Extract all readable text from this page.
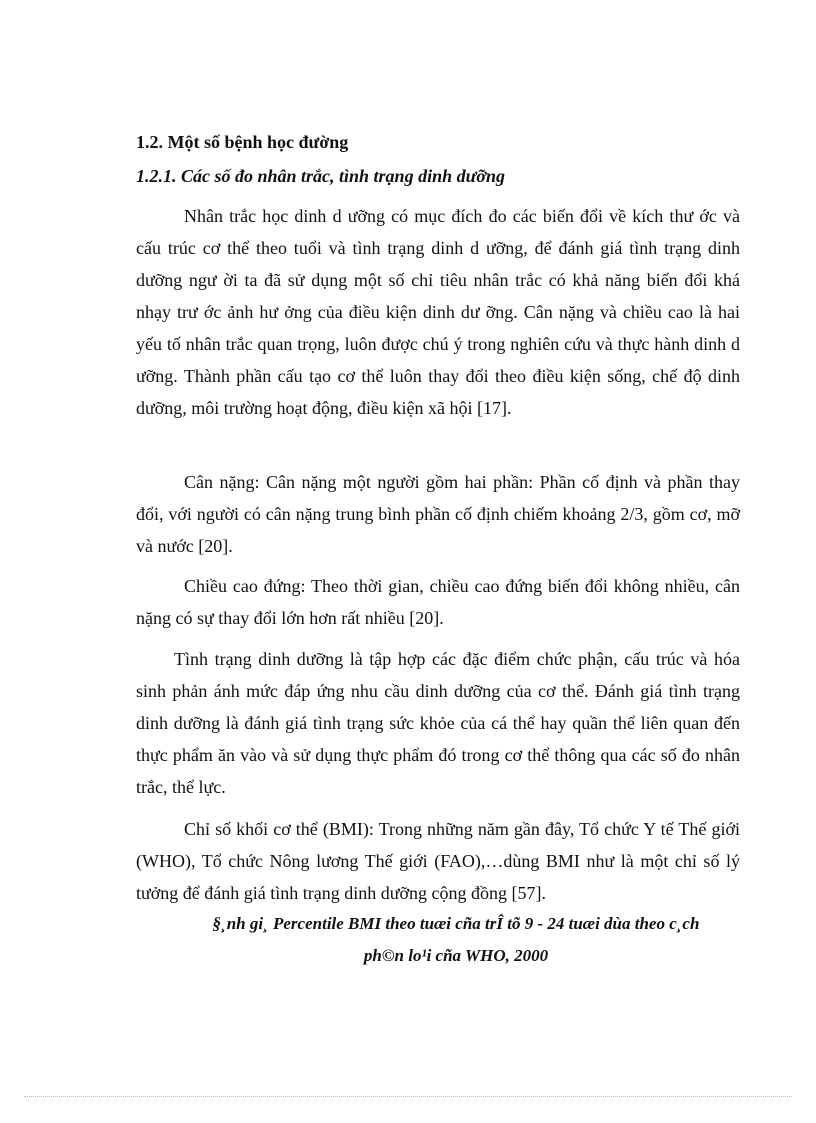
1.2. Một số bệnh học đường
1.2.1. Các số đo nhân trắc, tình trạng dinh dưỡng

Nhân trắc học dinh d ưỡng có mục đích đo các biến đổi về kích thư ớc và cấu trúc cơ thể theo tuổi và tình trạng dinh d ưỡng, để đánh giá tình trạng dinh dưỡng ngư ời ta đã sử dụng một số chỉ tiêu nhân trắc có khả năng biến đổi khá nhạy trư ớc ảnh hư ởng của điều kiện dinh dư ỡng. Cân nặng và chiều cao là hai yếu tố nhân trắc quan trọng, luôn được chú ý trong nghiên cứu và thực hành dinh d ưỡng. Thành phần cấu tạo cơ thể luôn thay đổi theo điều kiện sống, chế độ dinh dưỡng, môi trường hoạt động, điều kiện xã hội [17].

Cân nặng: Cân nặng một người gồm hai phần: Phần cố định và phần thay đổi, với người có cân nặng trung bình phần cố định chiếm khoảng 2/3, gồm cơ, mỡ và nước [20].

Chiều cao đứng: Theo thời gian, chiều cao đứng biến đổi không nhiều, cân nặng có sự thay đổi lớn hơn rất nhiều [20].

Tình trạng dinh dưỡng là tập hợp các đặc điểm chức phận, cấu trúc và hóa sinh phản ánh mức đáp ứng nhu cầu dinh dưỡng của cơ thể. Đánh giá tình trạng dinh dưỡng là đánh giá tình trạng sức khỏe của cá thể hay quần thể liên quan đến thực phẩm ăn vào và sử dụng thực phẩm đó trong cơ thể thông qua các số đo nhân trắc, thể lực.

Chỉ số khối cơ thể (BMI): Trong những năm gần đây, Tổ chức Y tế Thế giới (WHO), Tổ chức Nông lương Thế giới (FAO),…dùng BMI như là một chỉ số lý tưởng để đánh giá tình trạng dinh dưỡng cộng đồng [57].

§¸nh gi¸ Percentile BMI theo tuæi cña trÎ tõ 9 - 24 tuæi dùa theo c¸ch
ph©n lo¹i cña WHO, 2000
